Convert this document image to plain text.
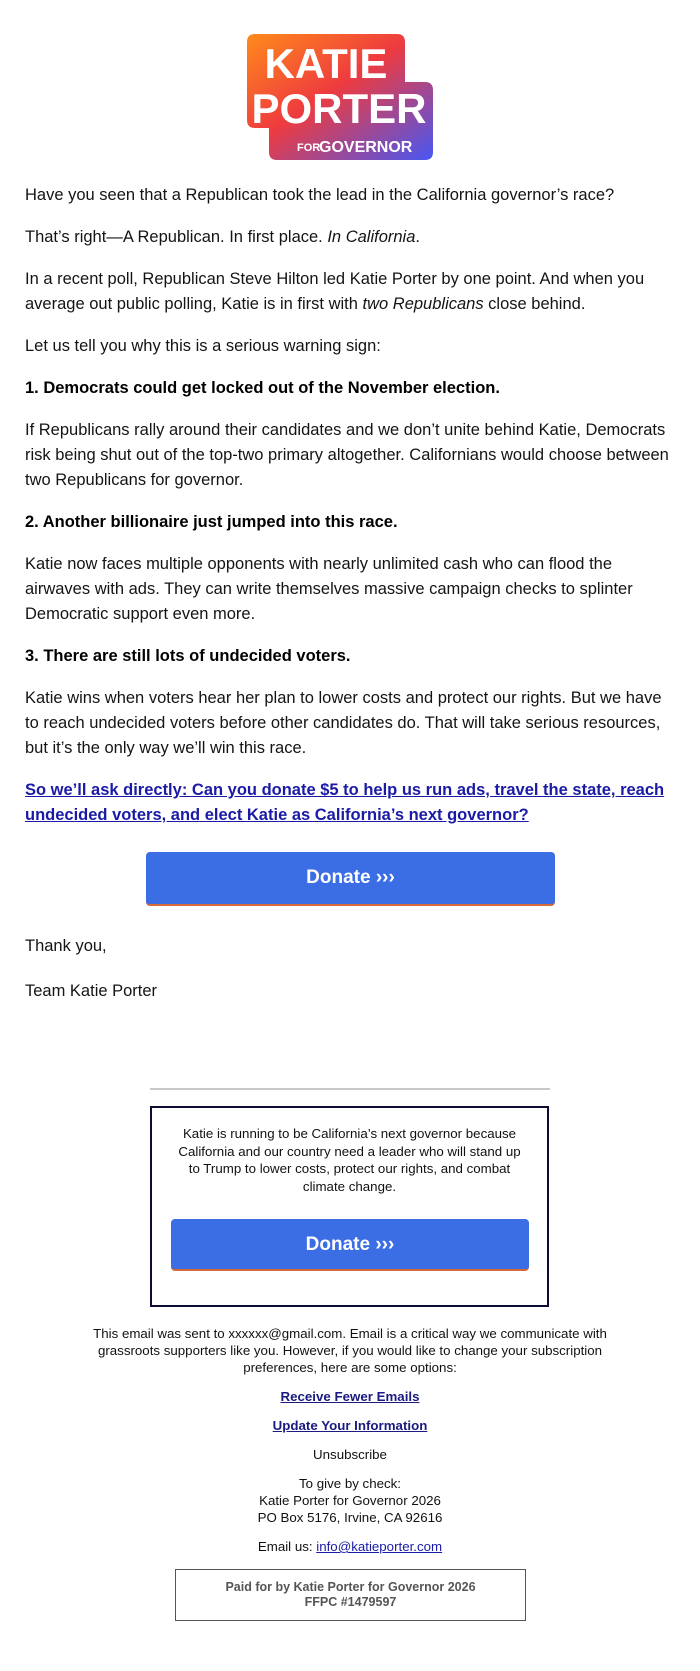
KATIE
PORTER
FOR
GOVERNOR

Have you seen that a Republican took the lead in the California governor’s race?

That’s right—A Republican. In first place. In California.

In a recent poll, Republican Steve Hilton led Katie Porter by one point. And when you average out public polling, Katie is in first with two Republicans close behind.

Let us tell you why this is a serious warning sign:

1. Democrats could get locked out of the November election.

If Republicans rally around their candidates and we don’t unite behind Katie, Democrats risk being shut out of the top-two primary altogether. Californians would choose between two Republicans for governor.

2. Another billionaire just jumped into this race.

Katie now faces multiple opponents with nearly unlimited cash who can flood the airwaves with ads. They can write themselves massive campaign checks to splinter Democratic support even more.

3. There are still lots of undecided voters.

Katie wins when voters hear her plan to lower costs and protect our rights. But we have to reach undecided voters before other candidates do. That will take serious resources, but it’s the only way we’ll win this race.

So we’ll ask directly: Can you donate $5 to help us run ads, travel the state, reach undecided voters, and elect Katie as California’s next governor?

Donate ›››

Thank you,

Team Katie Porter

Katie is running to be California’s next governor because California and our country need a leader who will stand up to Trump to lower costs, protect our rights, and combat climate change.

Donate ›››

This email was sent to xxxxxx@gmail.com. Email is a critical way we communicate with grassroots supporters like you. However, if you would like to change your subscription preferences, here are some options:

Receive Fewer Emails

Update Your Information

Unsubscribe

To give by check:
Katie Porter for Governor 2026
PO Box 5176, Irvine, CA 92616

Email us: info@katieporter.com

Paid for by Katie Porter for Governor 2026
FFPC #1479597
